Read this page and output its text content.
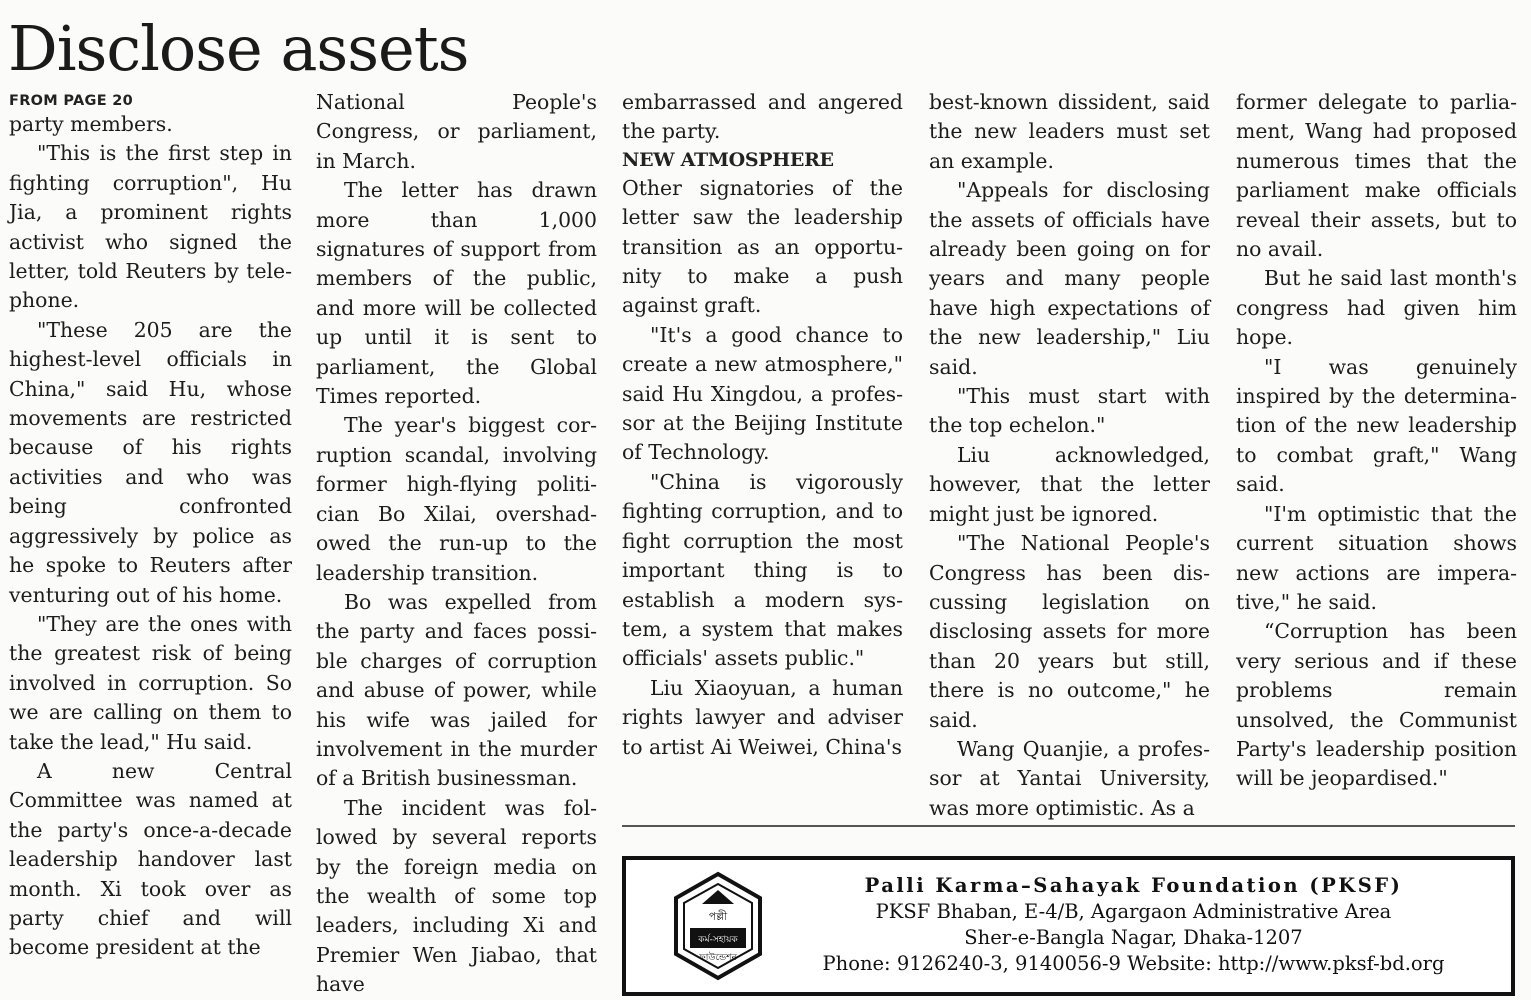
Disclose assets
FROM PAGE 20

party members.

"This is the first step in fighting corruption", Hu Jia, a prominent rights activist who signed the letter, told Reuters by telephone.

"These 205 are the highest-level officials in China," said Hu, whose movements are restricted because of his rights activities and who was being confronted aggressively by police as he spoke to Reuters after venturing out of his home.

"They are the ones with the greatest risk of being involved in corruption. So we are calling on them to take the lead," Hu said.

A new Central Committee was named at the party's once-a-decade leadership handover last month. Xi took over as party chief and will become president at the

National People's Congress, or parliament, in March.

The letter has drawn more than 1,000 signatures of support from members of the public, and more will be collected up until it is sent to parliament, the Global Times reported.

The year's biggest corruption scandal, involving former high-flying politician Bo Xilai, overshadowed the run-up to the leadership transition.

Bo was expelled from the party and faces possible charges of corruption and abuse of power, while his wife was jailed for involvement in the murder of a British businessman.

The incident was followed by several reports by the foreign media on the wealth of some top leaders, including Xi and Premier Wen Jiabao, that have

embarrassed and angered the party.

NEW ATMOSPHERE

Other signatories of the letter saw the leadership transition as an opportunity to make a push against graft.

"It's a good chance to create a new atmosphere," said Hu Xingdou, a professor at the Beijing Institute of Technology.

"China is vigorously fighting corruption, and to fight corruption the most important thing is to establish a modern system, a system that makes officials' assets public."

Liu Xiaoyuan, a human rights lawyer and adviser to artist Ai Weiwei, China's

best-known dissident, said the new leaders must set an example.

"Appeals for disclosing the assets of officials have already been going on for years and many people have high expectations of the new leadership," Liu said.

"This must start with the top echelon."

Liu acknowledged, however, that the letter might just be ignored.

"The National People's Congress has been discussing legislation on disclosing assets for more than 20 years but still, there is no outcome," he said.

Wang Quanjie, a professor at Yantai University, was more optimistic. As a

former delegate to parliament, Wang had proposed numerous times that the parliament make officials reveal their assets, but to no avail.

But he said last month's congress had given him hope.

"I was genuinely inspired by the determination of the new leadership to combat graft," Wang said.

"I'm optimistic that the current situation shows new actions are imperative," he said.

“Corruption has been very serious and if these problems remain unsolved, the Communist Party's leadership position will be jeopardised."

পল্লী
কর্ম-সহায়ক
ফাউন্ডেশন
Palli Karma–Sahayak Foundation (PKSF)
PKSF Bhaban, E-4/B, Agargaon Administrative Area
Sher-e-Bangla Nagar, Dhaka-1207
Phone: 9126240-3, 9140056-9 Website: http://www.pksf-bd.org
